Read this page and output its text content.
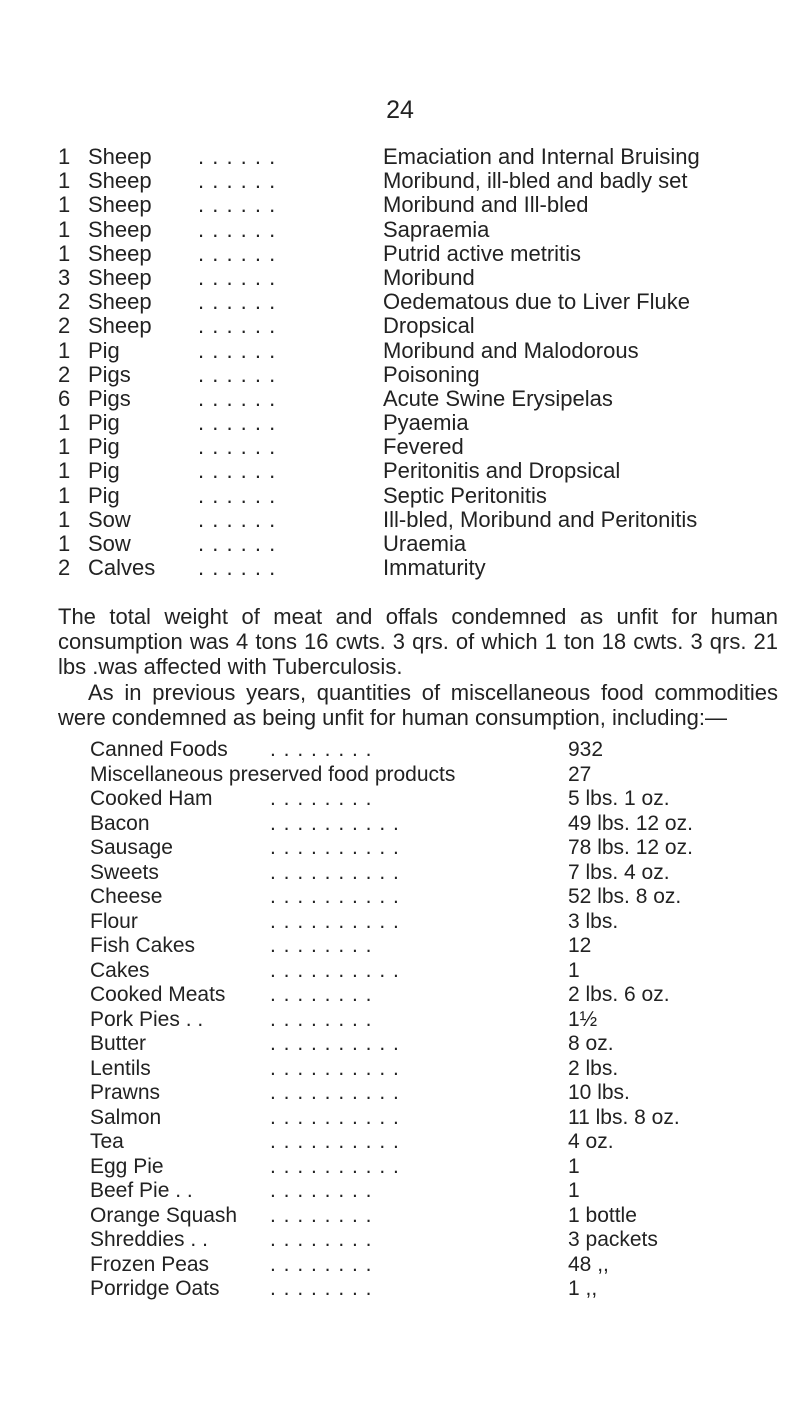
24
1 Sheep . . . . . .	Emaciation and Internal Bruising
1 Sheep . . . . . .	Moribund, ill-bled and badly set
1 Sheep . . . . . .	Moribund and Ill-bled
1 Sheep . . . . . .	Sapraemia
1 Sheep . . . . . .	Putrid active metritis
3 Sheep . . . . . .	Moribund
2 Sheep . . . . . .	Oedematous due to Liver Fluke
2 Sheep . . . . . .	Dropsical
1 Pig	. . . . . .	Moribund and Malodorous
2 Pigs	. . . . . .	Poisoning
6 Pigs	. . . . . .	Acute Swine Erysipelas
1 Pig	. . . . . .	Pyaemia
1 Pig	. . . . . .	Fevered
1 Pig	. . . . . .	Peritonitis and Dropsical
1 Pig	. . . . . .	Septic Peritonitis
1 Sow	. . . . . .	Ill-bled, Moribund and Peritonitis
1 Sow	. . . . . .	Uraemia
2 Calves . . . . . .	Immaturity

The total weight of meat and offals condemned as unfit for human consumption was 4 tons 16 cwts. 3 qrs. of which 1 ton 18 cwts. 3 qrs. 21 lbs .was affected with Tuberculosis.

As in previous years, quantities of miscellaneous food commodities were condemned as being unfit for human consumption, including:—

Canned Foods . . . . . . . .	932
Miscellaneous preserved food products	27
Cooked Ham	. . . . . . . .	5 lbs. 1 oz.
Bacon	. . . . . . . . . .	49 lbs. 12 oz.
Sausage	. . . . . . . . . .	78 lbs. 12 oz.
Sweets	. . . . . . . . . .	7 lbs. 4 oz.
Cheese	. . . . . . . . . .	52 lbs. 8 oz.
Flour	. . . . . . . . . .	3 lbs.
Fish Cakes	. . . . . . . .	12
Cakes	. . . . . . . . . .	1
Cooked Meats . . . . . . . .	2 lbs. 6 oz.
Pork Pies . .	. . . . . . . .	1½
Butter	. . . . . . . . . .	8 oz.
Lentils	. . . . . . . . . .	2 lbs.
Prawns	. . . . . . . . . .	10 lbs.
Salmon	. . . . . . . . . .	11 lbs. 8 oz.
Tea	. . . . . . . . . .	4 oz.
Egg Pie	. . . . . . . . . .	1
Beef Pie . .	. . . . . . . .	1
Orange Squash . . . . . . . .	1 bottle
Shreddies . .	. . . . . . . .	3 packets
Frozen Peas	. . . . . . . .	48 ,,
Porridge Oats . . . . . . . .	1 ,,
